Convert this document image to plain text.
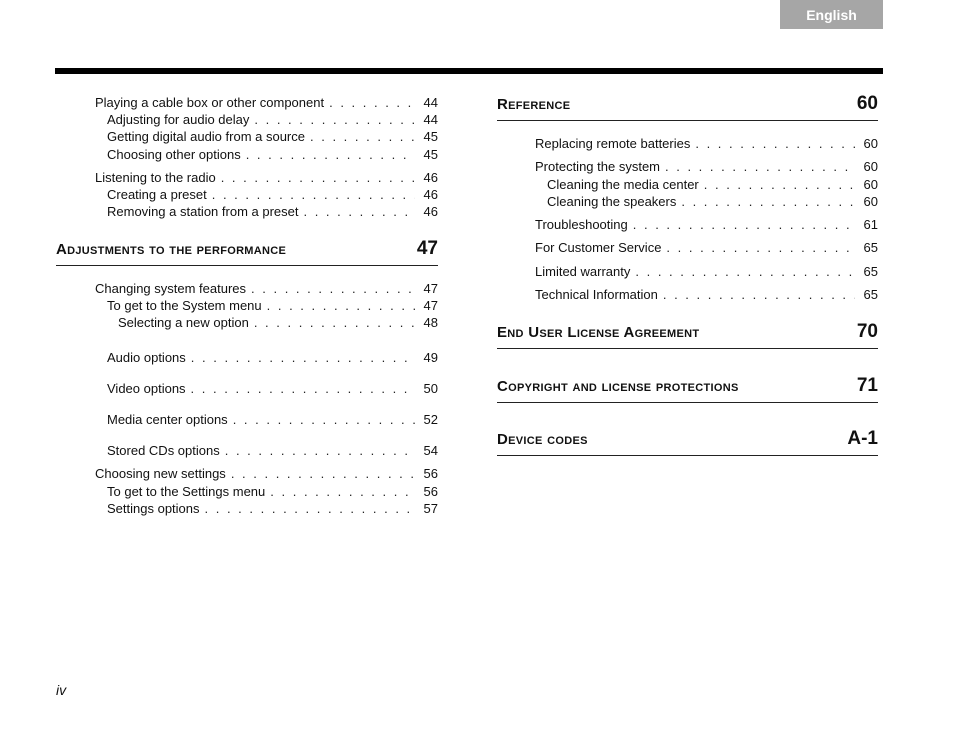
English
Playing a cable box or other component . . .	44
Adjusting for audio delay . . .	44
Getting digital audio from a source . . .	45
Choosing other options . . .	45
Listening to the radio . . .	46
Creating a preset . . .	46
Removing a station from a preset . . .	46
Adjustments to the performance	47
Changing system features . . .	47
To get to the System menu . . .	47
Selecting a new option . . .	48
Audio options . . .	49
Video options . . .	50
Media center options . . .	52
Stored CDs options . . .	54
Choosing new settings . . .	56
To get to the Settings menu . . .	56
Settings options . . .	57
Reference	60
Replacing remote batteries . . .	60
Protecting the system . . .	60
Cleaning the media center . . .	60
Cleaning the speakers . . .	60
Troubleshooting . . .	61
For Customer Service . . .	65
Limited warranty . . .	65
Technical Information . . .	65
End User License Agreement	70
Copyright and license protections	71
Device codes	A-1
iv
